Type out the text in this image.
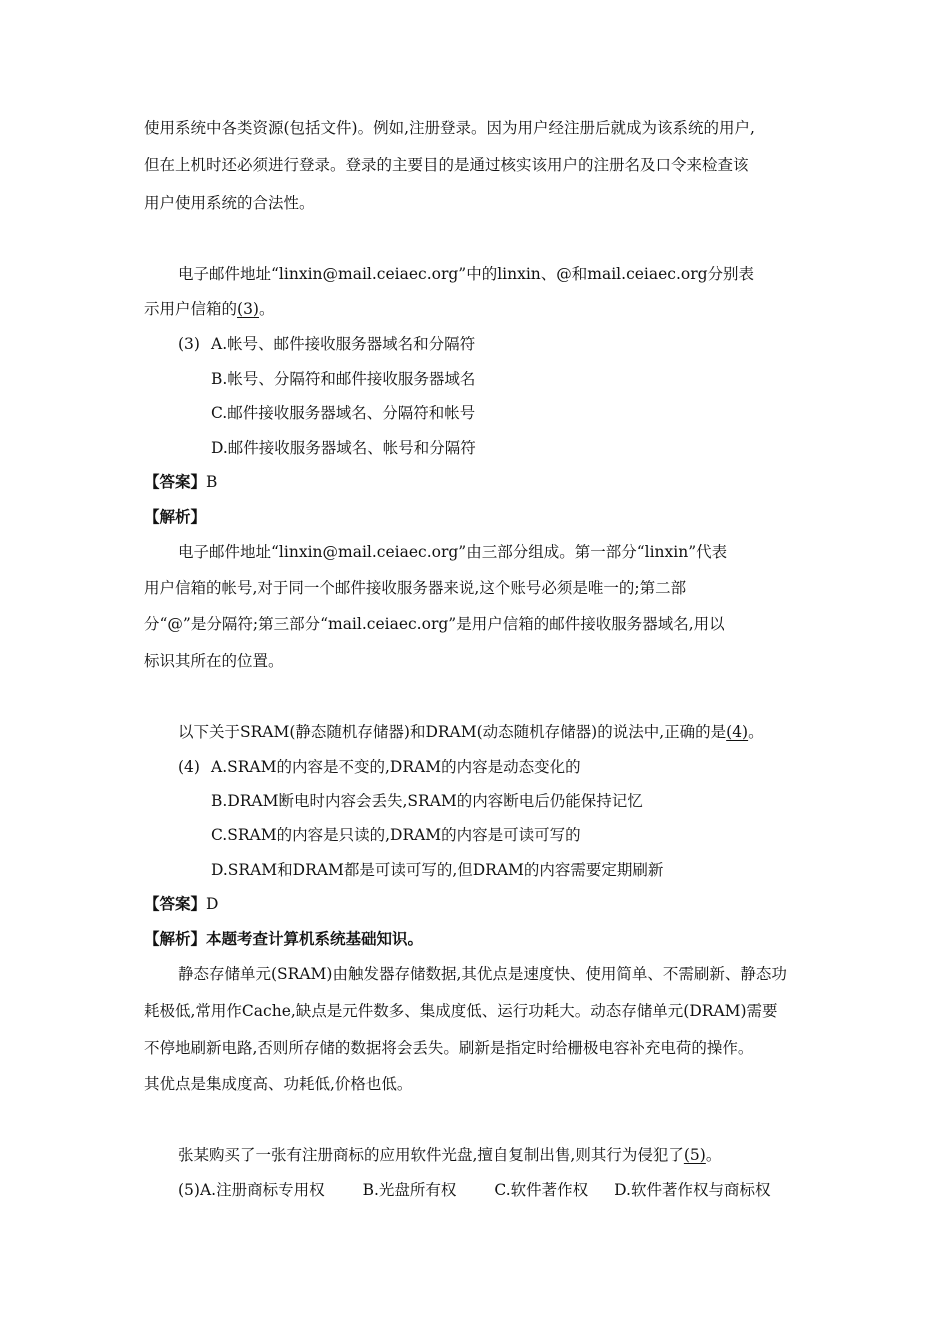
使用系统中各类资源(包括文件)。例如,注册登录。因为用户经注册后就成为该系统的用户,
但在上机时还必须进行登录。登录的主要目的是通过核实该用户的注册名及口令来检查该
用户使用系统的合法性。
电子邮件地址“linxin@mail.ceiaec.org”中的linxin、@和mail.ceiaec.org分别表
示用户信箱的(3)。
(3) A.帐号、邮件接收服务器域名和分隔符
B.帐号、分隔符和邮件接收服务器域名
C.邮件接收服务器域名、分隔符和帐号
D.邮件接收服务器域名、帐号和分隔符
【答案】B
【解析】
电子邮件地址“linxin@mail.ceiaec.org”由三部分组成。第一部分“linxin”代表
用户信箱的帐号,对于同一个邮件接收服务器来说,这个账号必须是唯一的;第二部
分“@”是分隔符;第三部分“mail.ceiaec.org”是用户信箱的邮件接收服务器域名,用以
标识其所在的位置。
以下关于SRAM(静态随机存储器)和DRAM(动态随机存储器)的说法中,正确的是(4)。
(4) A.SRAM的内容是不变的,DRAM的内容是动态变化的
B.DRAM断电时内容会丢失,SRAM的内容断电后仍能保持记忆
C.SRAM的内容是只读的,DRAM的内容是可读可写的
D.SRAM和DRAM都是可读可写的,但DRAM的内容需要定期刷新
【答案】D
【解析】本题考查计算机系统基础知识。
静态存储单元(SRAM)由触发器存储数据,其优点是速度快、使用简单、不需刷新、静态功
耗极低,常用作Cache,缺点是元件数多、集成度低、运行功耗大。动态存储单元(DRAM)需要
不停地刷新电路,否则所存储的数据将会丢失。刷新是指定时给栅极电容补充电荷的操作。
其优点是集成度高、功耗低,价格也低。
张某购买了一张有注册商标的应用软件光盘,擅自复制出售,则其行为侵犯了(5)。
(5)A.注册商标专用权 B.光盘所有权 C.软件著作权 D.软件著作权与商标权
